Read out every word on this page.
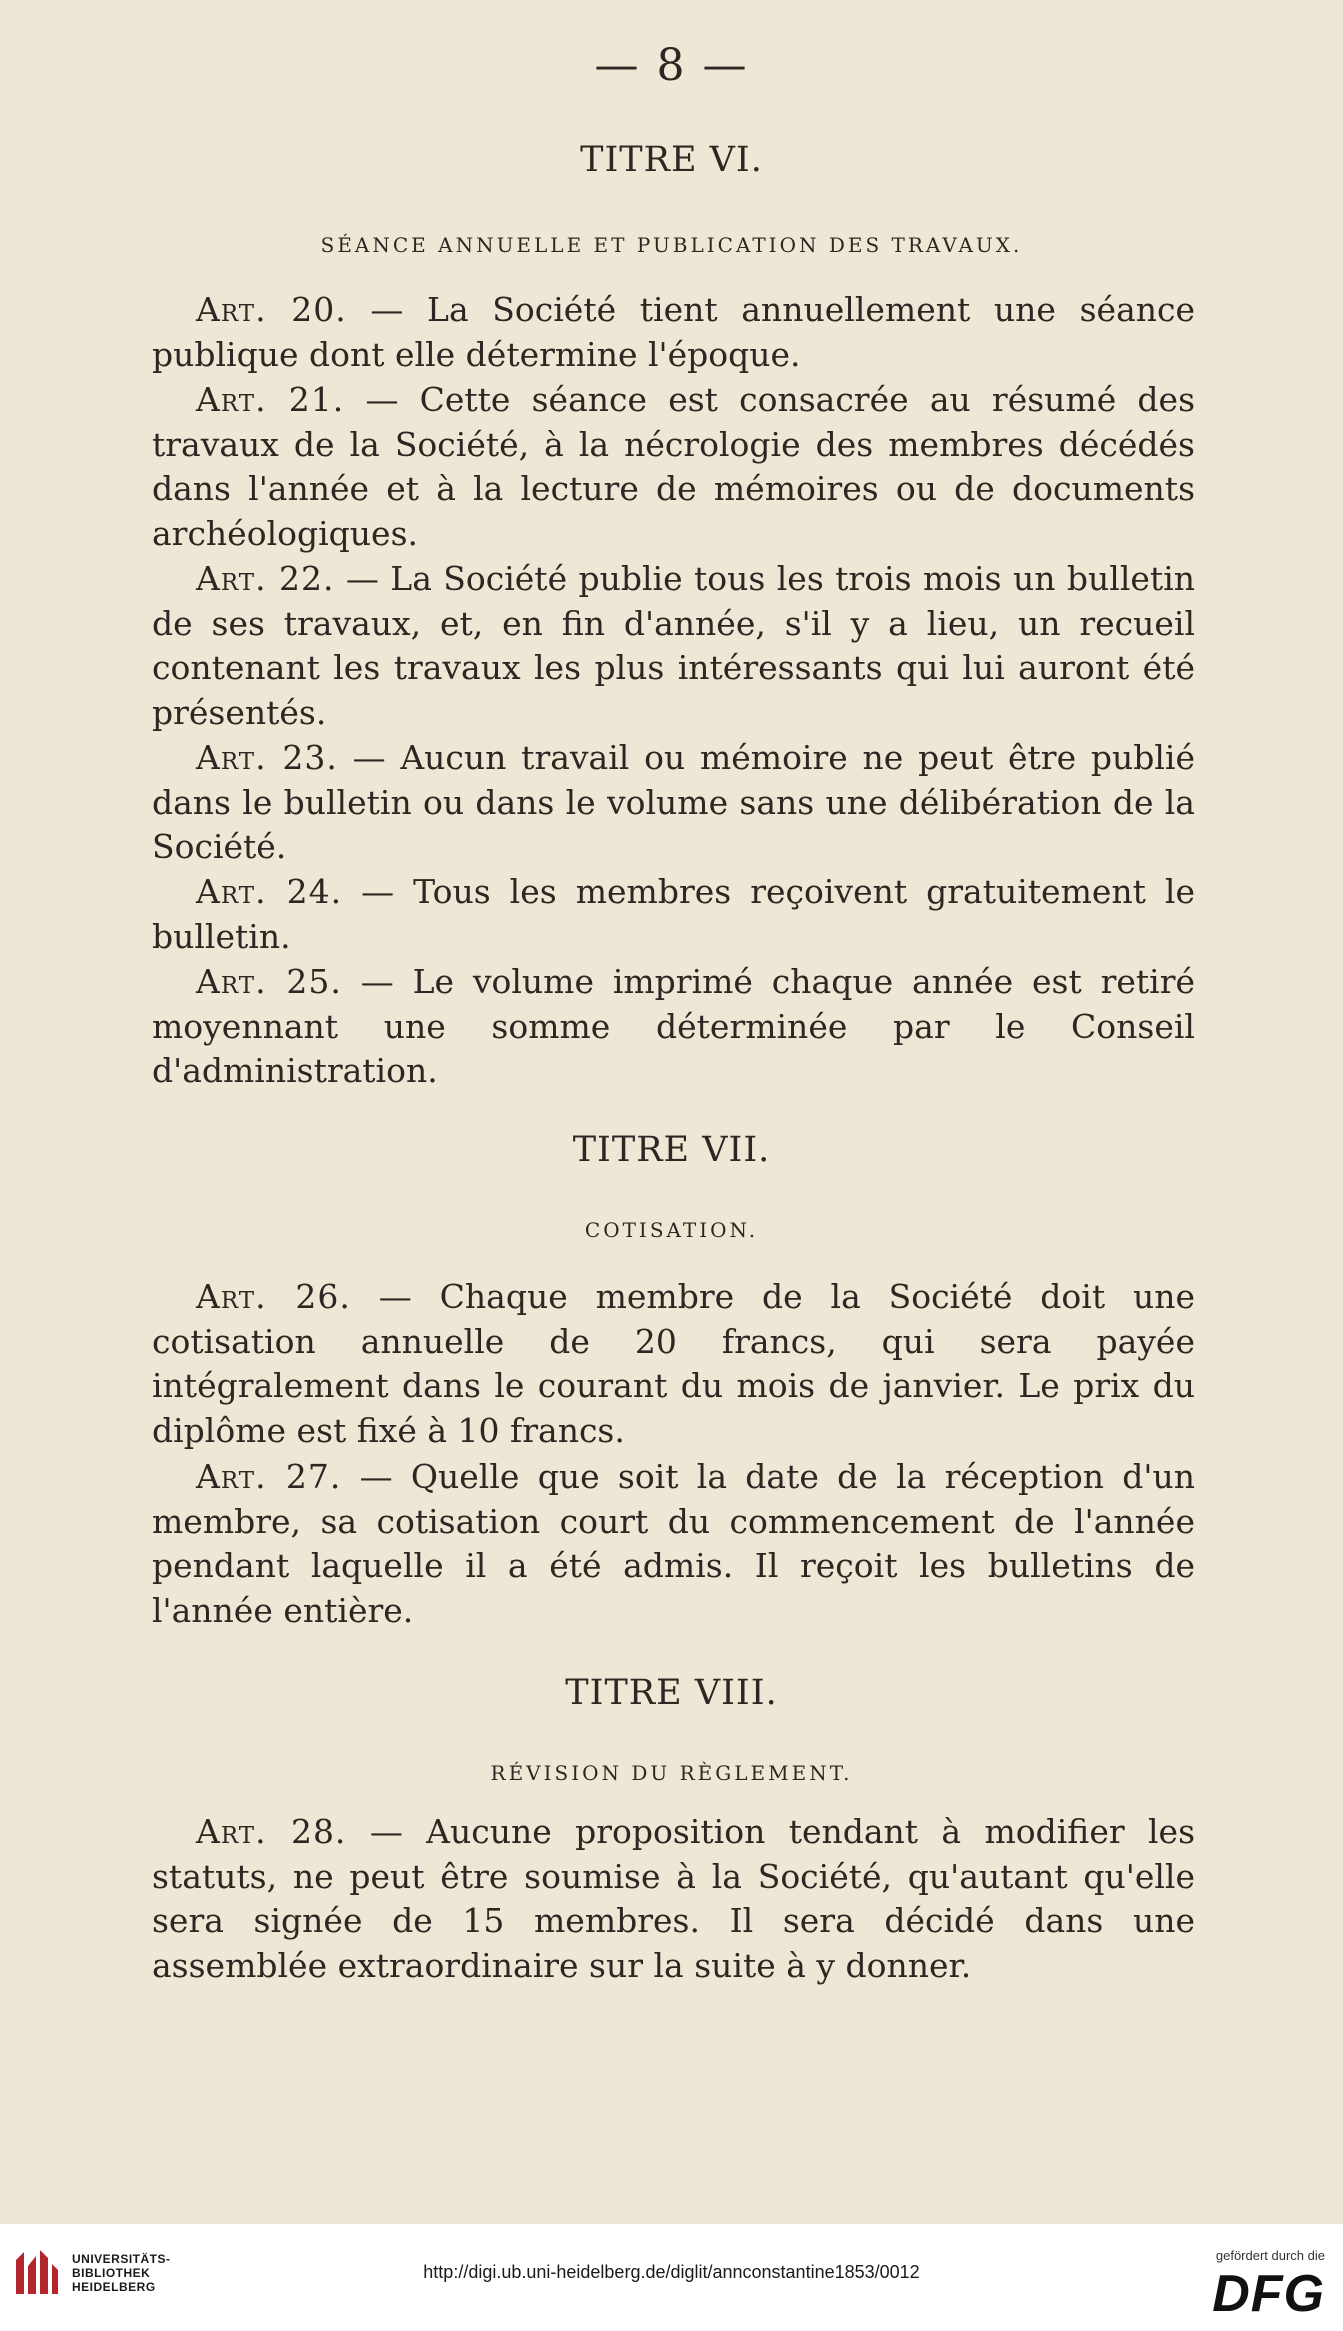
— 8 —
TITRE VI.
SÉANCE ANNUELLE ET PUBLICATION DES TRAVAUX.

Art. 20. — La Société tient annuellement une séance publique dont elle détermine l'époque.

Art. 21. — Cette séance est consacrée au résumé des travaux de la Société, à la nécrologie des membres décédés dans l'année et à la lecture de mémoires ou de documents archéologiques.

Art. 22. — La Société publie tous les trois mois un bulletin de ses travaux, et, en fin d'année, s'il y a lieu, un recueil contenant les travaux les plus intéressants qui lui auront été présentés.

Art. 23. — Aucun travail ou mémoire ne peut être publié dans le bulletin ou dans le volume sans une délibération de la Société.

Art. 24. — Tous les membres reçoivent gratuitement le bulletin.

Art. 25. — Le volume imprimé chaque année est retiré moyennant une somme déterminée par le Conseil d'administration.

TITRE VII.
COTISATION.

Art. 26. — Chaque membre de la Société doit une cotisation annuelle de 20 francs, qui sera payée intégralement dans le courant du mois de janvier. Le prix du diplôme est fixé à 10 francs.

Art. 27. — Quelle que soit la date de la réception d'un membre, sa cotisation court du commencement de l'année pendant laquelle il a été admis. Il reçoit les bulletins de l'année entière.

TITRE VIII.
RÉVISION DU RÈGLEMENT.

Art. 28. — Aucune proposition tendant à modifier les statuts, ne peut être soumise à la Société, qu'autant qu'elle sera signée de 15 membres. Il sera décidé dans une assemblée extraordinaire sur la suite à y donner.

UNIVERSITÄTS-
BIBLIOTHEK
HEIDELBERG
http://digi.ub.uni-heidelberg.de/diglit/annconstantine1853/0012
gefördert durch die
DFG
